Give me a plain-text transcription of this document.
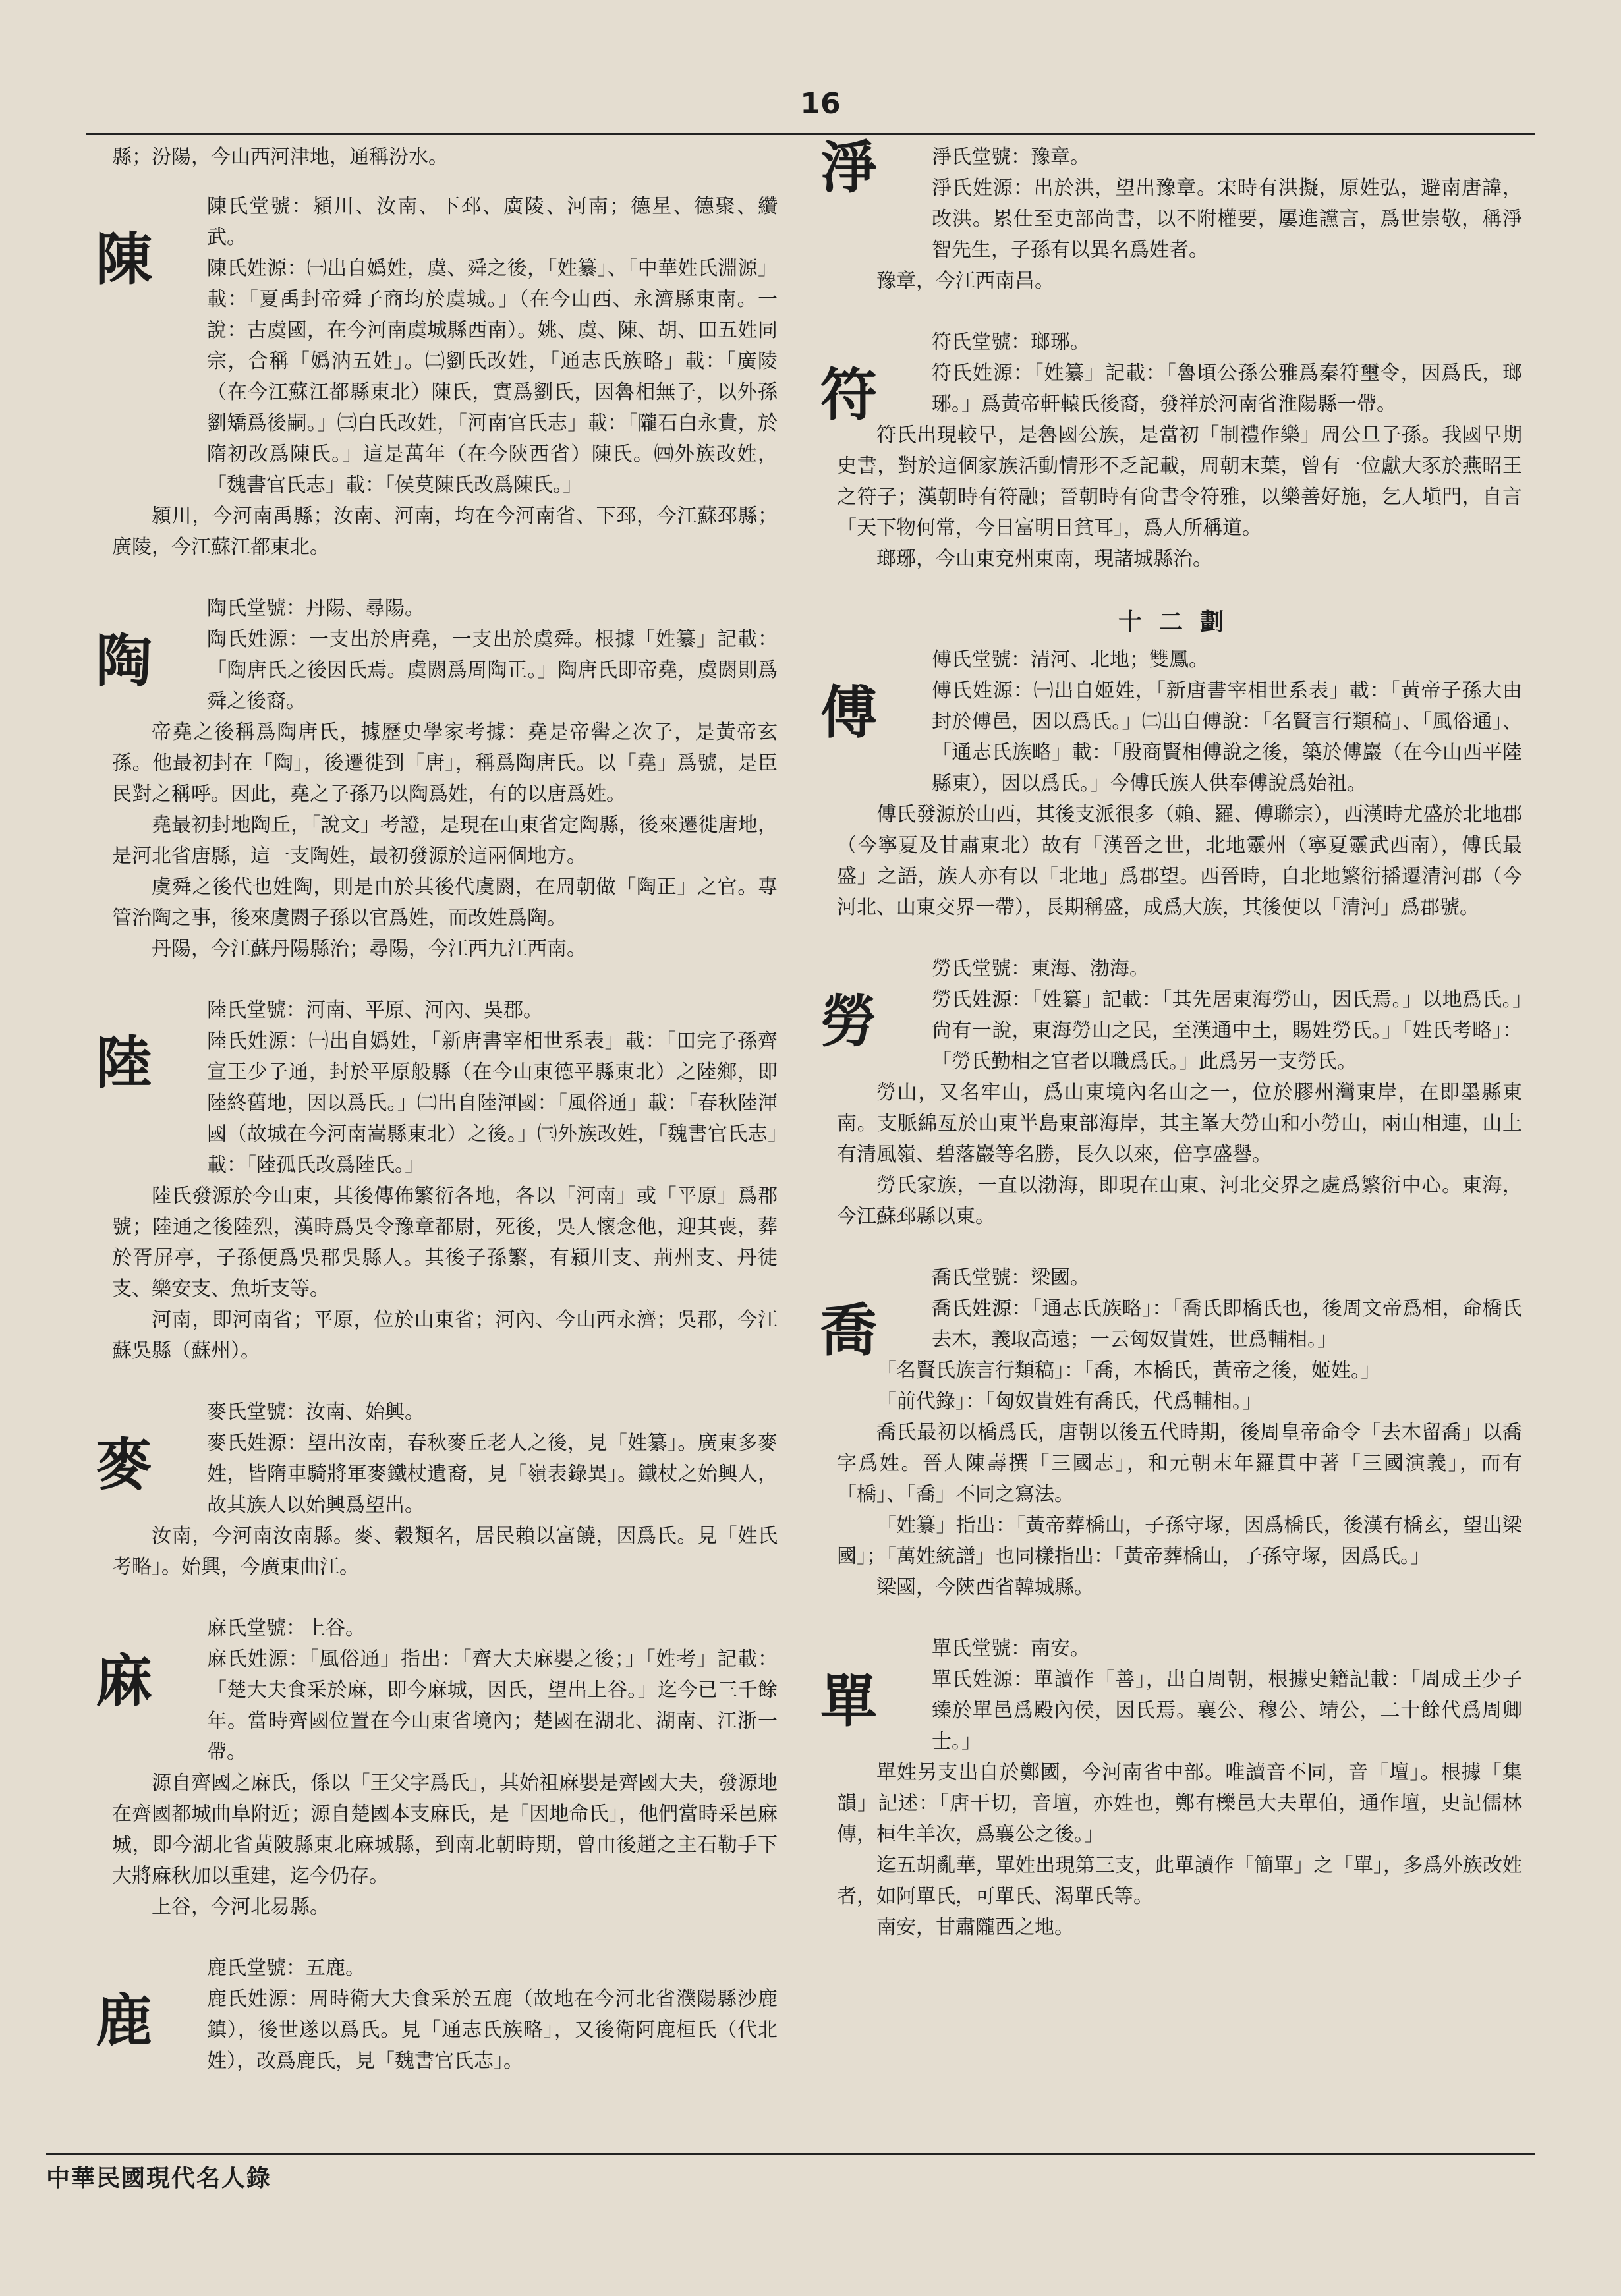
16

縣；汾陽，今山西河津地，通稱汾水。

陳

陳氏堂號：潁川、汝南、下邳、廣陵、河南；德星、德聚、纘武。

陳氏姓源：㈠出自嬀姓，虞、舜之後，「姓纂」、「中華姓氏淵源」載：「夏禹封帝舜子商均於虞城。」（在今山西、永濟縣東南。一說：古虞國，在今河南虞城縣西南）。姚、虞、陳、胡、田五姓同宗，合稱「嬀汭五姓」。㈡劉氏改姓，「通志氏族略」載：「廣陵（在今江蘇江都縣東北）陳氏，實爲劉氏，因魯相無子，以外孫劉矯爲後嗣。」㈢白氏改姓，「河南官氏志」載：「隴石白永貴，於隋初改爲陳氏。」這是萬年（在今陝西省）陳氏。㈣外族改姓，「魏書官氏志」載：「侯莫陳氏改爲陳氏。」

潁川，今河南禹縣；汝南、河南，均在今河南省、下邳，今江蘇邳縣；廣陵，今江蘇江都東北。

陶

陶氏堂號：丹陽、尋陽。

陶氏姓源：一支出於唐堯，一支出於虞舜。根據「姓纂」記載：「陶唐氏之後因氏焉。虞閼爲周陶正。」陶唐氏即帝堯，虞閼則爲舜之後裔。

帝堯之後稱爲陶唐氏，據歷史學家考據：堯是帝嚳之次子，是黃帝玄孫。他最初封在「陶」，後遷徙到「唐」，稱爲陶唐氏。以「堯」爲號，是臣民對之稱呼。因此，堯之子孫乃以陶爲姓，有的以唐爲姓。

堯最初封地陶丘，「說文」考證，是現在山東省定陶縣，後來遷徙唐地，是河北省唐縣，這一支陶姓，最初發源於這兩個地方。

虞舜之後代也姓陶，則是由於其後代虞閼，在周朝做「陶正」之官。專管治陶之事，後來虞閼子孫以官爲姓，而改姓爲陶。

丹陽，今江蘇丹陽縣治；尋陽，今江西九江西南。

陸

陸氏堂號：河南、平原、河內、吳郡。

陸氏姓源：㈠出自嬀姓，「新唐書宰相世系表」載：「田完子孫齊宣王少子通，封於平原般縣（在今山東德平縣東北）之陸鄉，即陸終舊地，因以爲氏。」㈡出自陸渾國：「風俗通」載：「春秋陸渾國（故城在今河南嵩縣東北）之後。」㈢外族改姓，「魏書官氏志」載：「陸孤氏改爲陸氏。」

陸氏發源於今山東，其後傳佈繁衍各地，各以「河南」或「平原」爲郡號；陸通之後陸烈，漢時爲吳令豫章都尉，死後，吳人懷念他，迎其喪，葬於胥屏亭，子孫便爲吳郡吳縣人。其後子孫繁，有潁川支、荊州支、丹徒支、樂安支、魚圻支等。

河南，即河南省；平原，位於山東省；河內、今山西永濟；吳郡，今江蘇吳縣（蘇州）。

麥

麥氏堂號：汝南、始興。

麥氏姓源：望出汝南，春秋麥丘老人之後，見「姓纂」。廣東多麥姓，皆隋車騎將軍麥鐵杖遺裔，見「嶺表錄異」。鐵杖之始興人，故其族人以始興爲望出。

汝南，今河南汝南縣。麥、穀類名，居民賴以富饒，因爲氏。見「姓氏考略」。始興，今廣東曲江。

麻

麻氏堂號：上谷。

麻氏姓源：「風俗通」指出：「齊大夫麻嬰之後；」「姓考」記載：「楚大夫食采於麻，即今麻城，因氏，望出上谷。」迄今已三千餘年。當時齊國位置在今山東省境內；楚國在湖北、湖南、江浙一帶。

源自齊國之麻氏，係以「王父字爲氏」，其始祖麻嬰是齊國大夫，發源地在齊國都城曲阜附近；源自楚國本支麻氏，是「因地命氏」，他們當時采邑麻城，即今湖北省黃陂縣東北麻城縣，到南北朝時期，曾由後趙之主石勒手下大將麻秋加以重建，迄今仍存。

上谷，今河北易縣。

鹿

鹿氏堂號：五鹿。

鹿氏姓源：周時衛大夫食采於五鹿（故地在今河北省濮陽縣沙鹿鎮），後世遂以爲氏。見「通志氏族略」，又後衛阿鹿桓氏（代北姓），改爲鹿氏，見「魏書官氏志」。

淨	淨氏堂號：豫章。

淨氏姓源：出於洪，望出豫章。宋時有洪擬，原姓弘，避南唐諱，改洪。累仕至吏部尚書，以不附權要，屢進讜言，爲世崇敬，稱淨智先生，子孫有以異名爲姓者。

豫章，今江西南昌。

符

符氏堂號：瑯琊。

符氏姓源：「姓纂」記載：「魯頃公孫公雅爲秦符璽令，因爲氏，瑯琊。」爲黃帝軒轅氏後裔，發祥於河南省淮陽縣一帶。

符氏出現較早，是魯國公族，是當初「制禮作樂」周公旦子孫。我國早期史書，對於這個家族活動情形不乏記載，周朝末葉，曾有一位獻大豕於燕昭王之符子；漢朝時有符融；晉朝時有尙書令符雅，以樂善好施，乞人塡門，自言「天下物何常，今日富明日貧耳」，爲人所稱道。

瑯琊，今山東兗州東南，現諸城縣治。

十二劃
傅

傅氏堂號：清河、北地；雙鳳。

傅氏姓源：㈠出自姬姓，「新唐書宰相世系表」載：「黃帝子孫大由封於傅邑，因以爲氏。」㈡出自傅說：「名賢言行類稿」、「風俗通」、「通志氏族略」載：「殷商賢相傅說之後，築於傅巖（在今山西平陸縣東），因以爲氏。」今傅氏族人供奉傅說爲始祖。

傅氏發源於山西，其後支派很多（賴、羅、傅聯宗），西漢時尤盛於北地郡（今寧夏及甘肅東北）故有「漢晉之世，北地靈州（寧夏靈武西南），傅氏最盛」之語，族人亦有以「北地」爲郡望。西晉時，自北地繁衍播遷清河郡（今河北、山東交界一帶），長期稱盛，成爲大族，其後便以「清河」爲郡號。

勞

勞氏堂號：東海、渤海。

勞氏姓源：「姓纂」記載：「其先居東海勞山，因氏焉。」以地爲氏。」尙有一說，東海勞山之民，至漢通中土，賜姓勞氏。」「姓氏考略」：「勞氏勤相之官者以職爲氏。」此爲另一支勞氏。

勞山，又名牢山，爲山東境內名山之一，位於膠州灣東岸，在即墨縣東南。支脈綿亙於山東半島東部海岸，其主峯大勞山和小勞山，兩山相連，山上有清風嶺、碧落巖等名勝，長久以來，倍享盛譽。

勞氏家族，一直以渤海，即現在山東、河北交界之處爲繁衍中心。東海，今江蘇邳縣以東。

喬

喬氏堂號：梁國。

喬氏姓源：「通志氏族略」：「喬氏即橋氏也，後周文帝爲相，命橋氏去木，義取高遠；一云匈奴貴姓，世爲輔相。」

「名賢氏族言行類稿」：「喬，本橋氏，黃帝之後，姬姓。」

「前代錄」：「匈奴貴姓有喬氏，代爲輔相。」

喬氏最初以橋爲氏，唐朝以後五代時期，後周皇帝命令「去木留喬」以喬字爲姓。晉人陳壽撰「三國志」，和元朝末年羅貫中著「三國演義」，而有「橋」、「喬」不同之寫法。

「姓纂」指出：「黃帝葬橋山，子孫守塚，因爲橋氏，後漢有橋玄，望出梁國」；「萬姓統譜」也同樣指出：「黃帝葬橋山，子孫守塚，因爲氏。」

梁國，今陝西省韓城縣。

單

單氏堂號：南安。

單氏姓源：單讀作「善」，出自周朝，根據史籍記載：「周成王少子臻於單邑爲殿內侯，因氏焉。襄公、穆公、靖公，二十餘代爲周卿士。」

單姓另支出自於鄭國，今河南省中部。唯讀音不同，音「壇」。根據「集韻」記述：「唐干切，音壇，亦姓也，鄭有櫟邑大夫單伯，通作壇，史記儒林傳，桓生羊次，爲襄公之後。」

迄五胡亂華，單姓出現第三支，此單讀作「簡單」之「單」，多爲外族改姓者，如阿單氏，可單氏、渴單氏等。

南安，甘肅隴西之地。

中華民國現代名人錄
